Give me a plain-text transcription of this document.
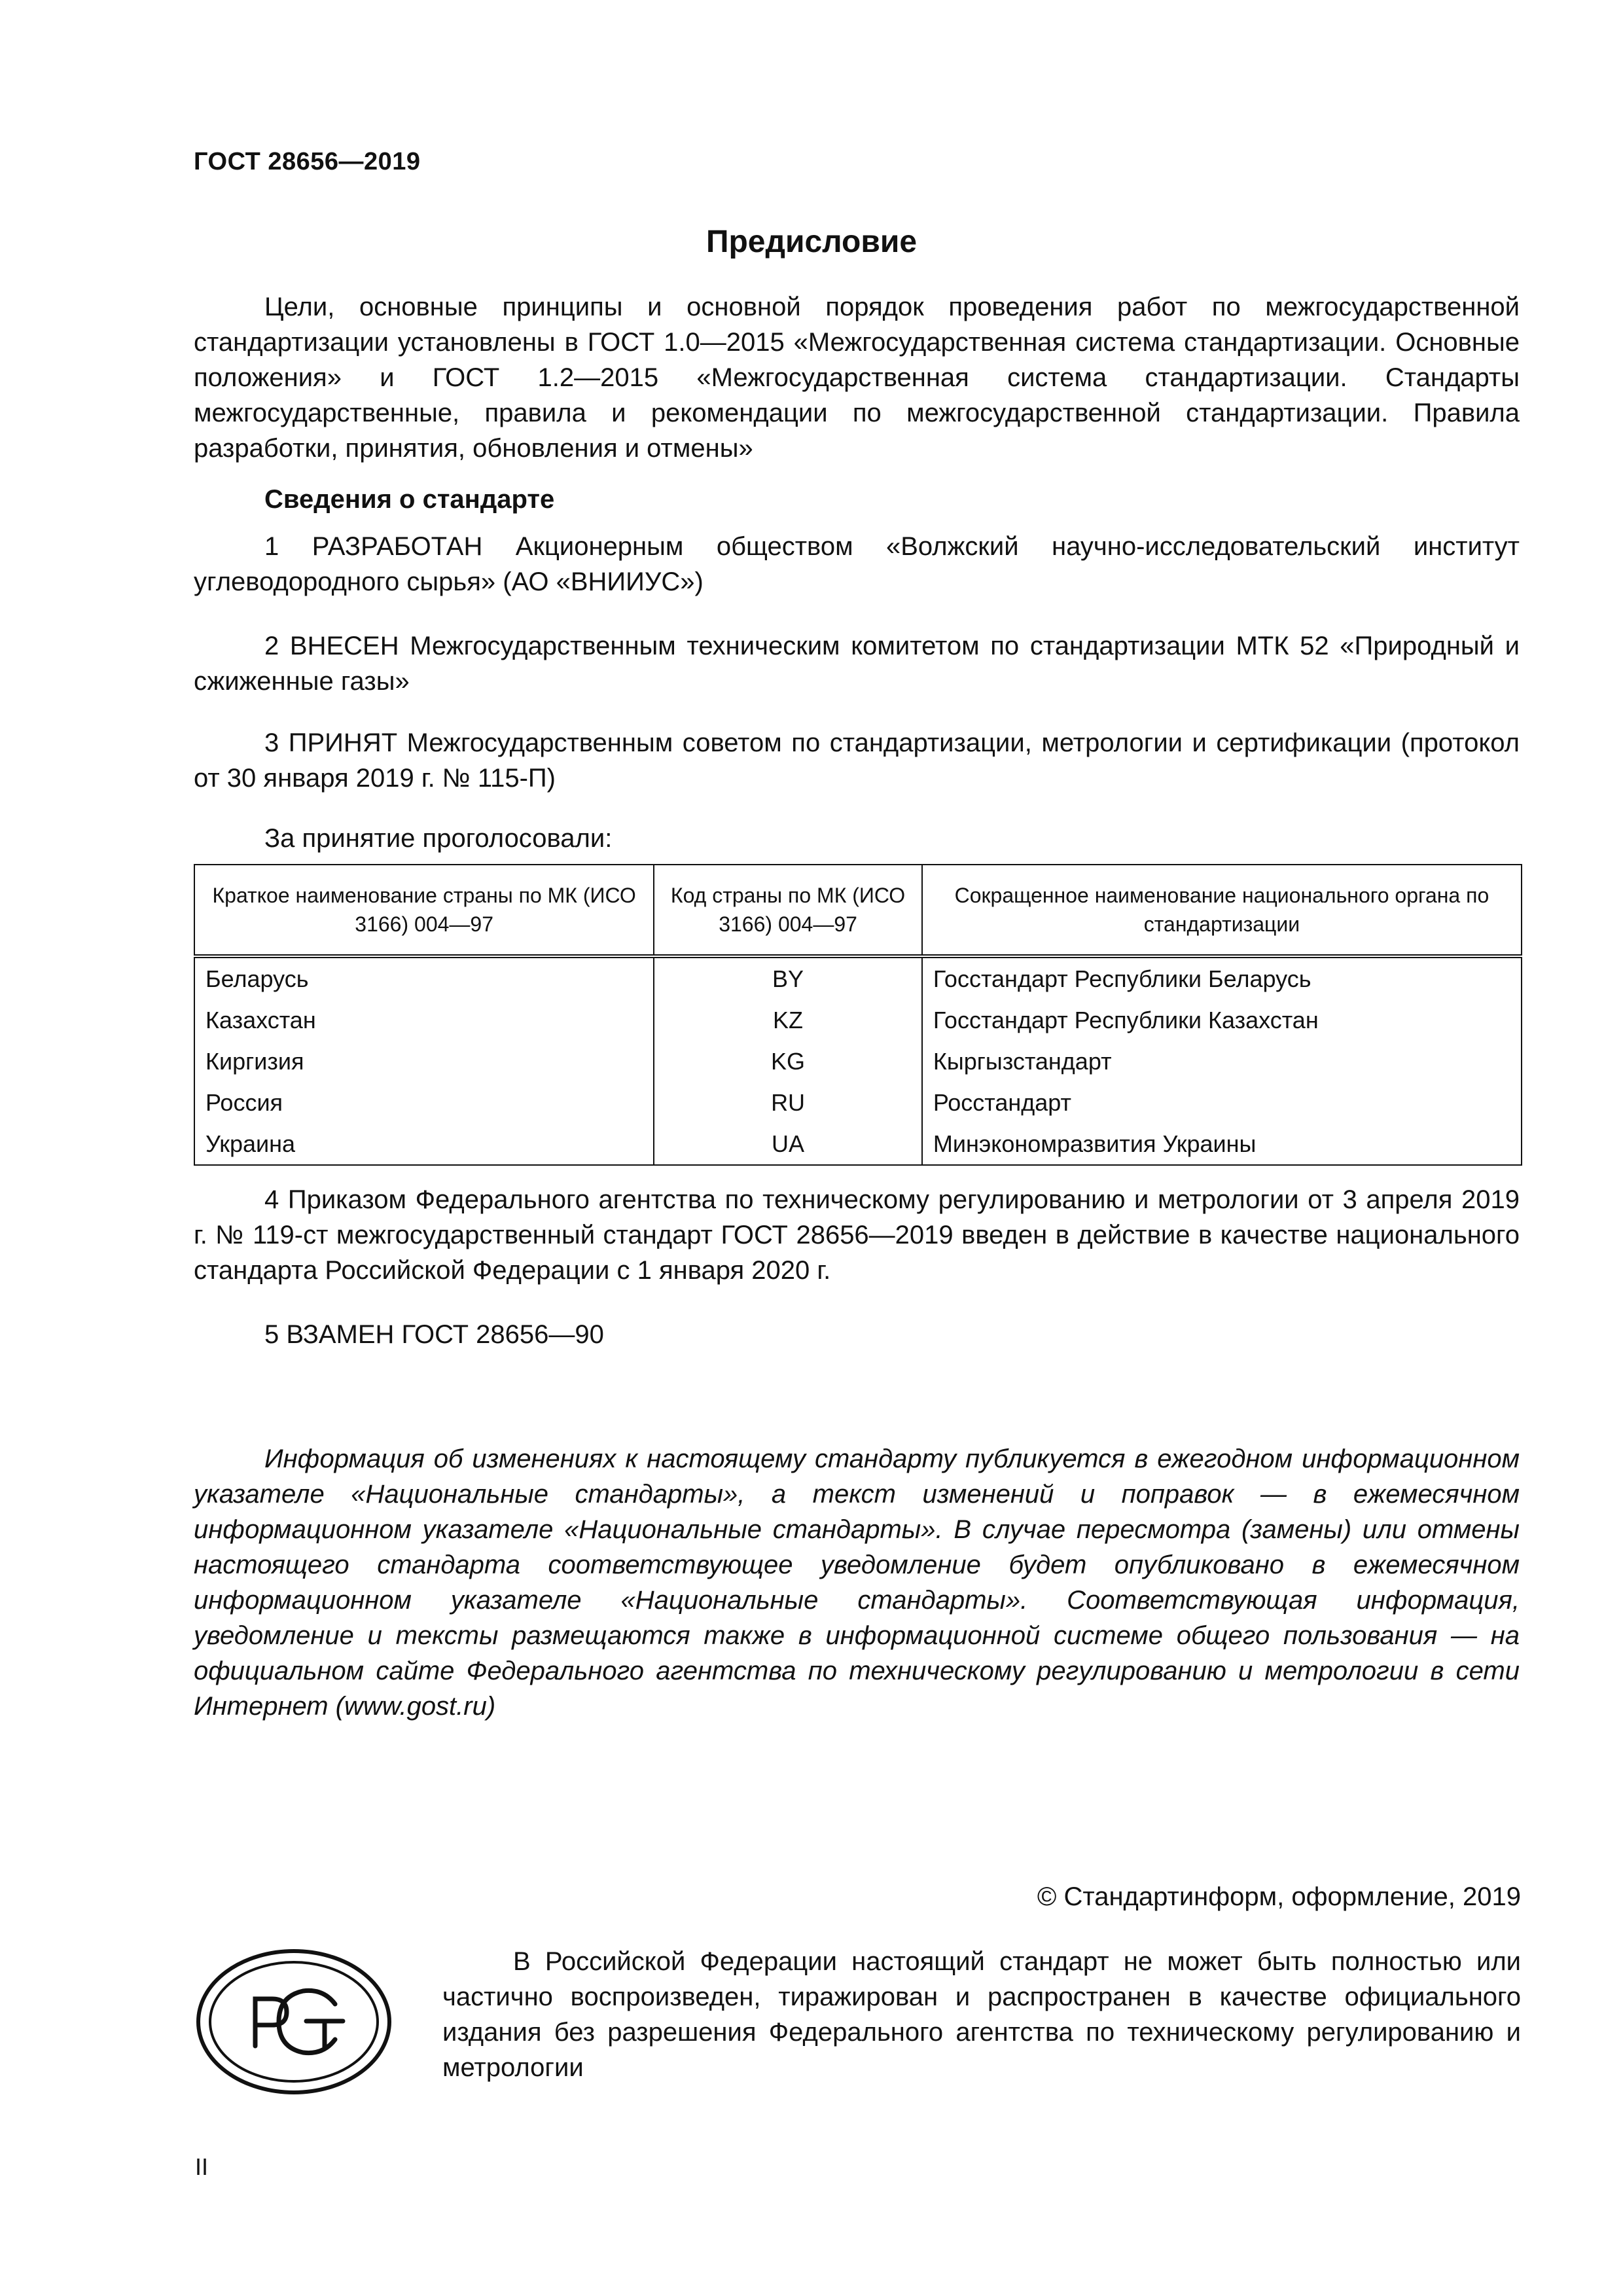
ГОСТ 28656—2019
Предисловие
Цели, основные принципы и основной порядок проведения работ по межгосударственной стандартизации установлены в ГОСТ 1.0—2015 «Межгосударственная система стандартизации. Основные положения» и ГОСТ 1.2—2015 «Межгосударственная система стандартизации. Стандарты межгосударственные, правила и рекомендации по межгосударственной стандартизации. Правила разработки, принятия, обновления и отмены»
Сведения о стандарте
1 РАЗРАБОТАН Акционерным обществом «Волжский научно-исследовательский институт углеводородного сырья» (АО «ВНИИУС»)
2 ВНЕСЕН Межгосударственным техническим комитетом по стандартизации МТК 52 «Природный и сжиженные газы»
3 ПРИНЯТ Межгосударственным советом по стандартизации, метрологии и сертификации (протокол от 30 января 2019 г. № 115-П)
За принятие проголосовали:
Краткое наименование страны по МК (ИСО 3166) 004—97	Код страны по МК (ИСО 3166) 004—97	Сокращенное наименование национального органа по стандартизации
Беларусь	BY	Госстандарт Республики Беларусь
Казахстан	KZ	Госстандарт Республики Казахстан
Киргизия	KG	Кыргызстандарт
Россия	RU	Росстандарт
Украина	UA	Минэкономразвития Украины
4 Приказом Федерального агентства по техническому регулированию и метрологии от 3 апреля 2019 г. № 119-ст межгосударственный стандарт ГОСТ 28656—2019 введен в действие в качестве национального стандарта Российской Федерации с 1 января 2020 г.
5 ВЗАМЕН ГОСТ 28656—90
Информация об изменениях к настоящему стандарту публикуется в ежегодном информационном указателе «Национальные стандарты», а текст изменений и поправок — в ежемесячном информационном указателе «Национальные стандарты». В случае пересмотра (замены) или отмены настоящего стандарта соответствующее уведомление будет опубликовано в ежемесячном информационном указателе «Национальные стандарты». Соответствующая информация, уведомление и тексты размещаются также в информационной системе общего пользования — на официальном сайте Федерального агентства по техническому регулированию и метрологии в сети Интернет (www.gost.ru)
© Стандартинформ, оформление, 2019
В Российской Федерации настоящий стандарт не может быть полностью или частично воспроизведен, тиражирован и распространен в качестве официального издания без разрешения Федерального агентства по техническому регулированию и метрологии
II
